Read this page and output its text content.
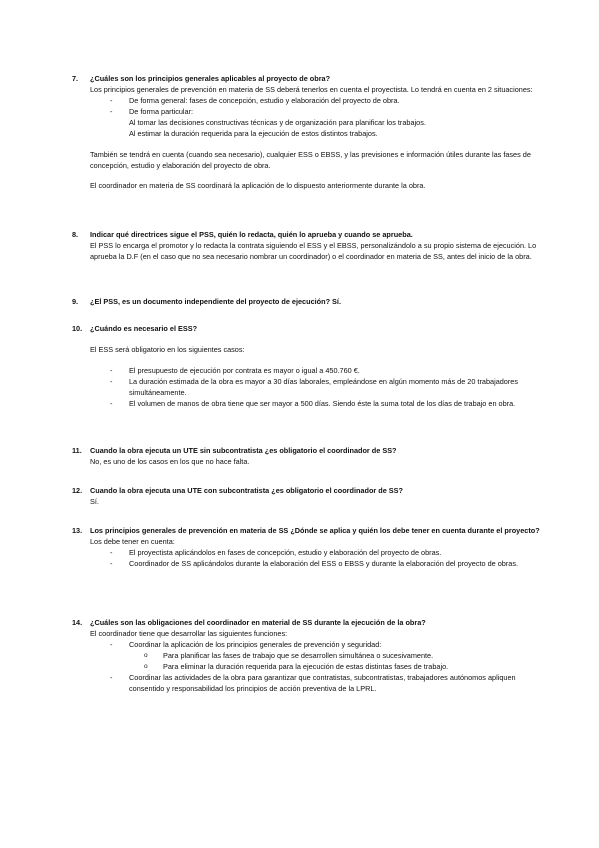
7. ¿Cuáles son los principios generales aplicables al proyecto de obra?
Los principios generales de prevención en materia de SS deberá tenerlos en cuenta el proyectista. Lo tendrá en cuenta en 2 situaciones:
- De forma general: fases de concepción, estudio y elaboración del proyecto de obra.
- De forma particular:
Al tomar las decisiones constructivas técnicas y de organización para planificar los trabajos.
Al estimar la duración requerida para la ejecución de estos distintos trabajos.
También se tendrá en cuenta (cuando sea necesario), cualquier ESS o EBSS, y las previsiones e información útiles durante las fases de concepción, estudio y elaboración del proyecto de obra.
El coordinador en materia de SS coordinará la aplicación de lo dispuesto anteriormente durante la obra.
8. Indicar qué directrices sigue el PSS, quién lo redacta, quién lo aprueba y cuando se aprueba.
El PSS lo encarga el promotor y lo redacta la contrata siguiendo el ESS y el EBSS, personalizándolo a su propio sistema de ejecución. Lo aprueba la D.F (en el caso que no sea necesario nombrar un coordinador) o el coordinador en materia de SS, antes del inicio de la obra.
9. ¿El PSS, es un documento independiente del proyecto de ejecución? Sí.
10. ¿Cuándo es necesario el ESS?
El ESS será obligatorio en los siguientes casos:
- El presupuesto de ejecución por contrata es mayor o igual a 450.760 €.
- La duración estimada de la obra es mayor a 30 días laborales, empleándose en algún momento más de 20 trabajadores simultáneamente.
- El volumen de manos de obra tiene que ser mayor a 500 días. Siendo éste la suma total de los días de trabajo en obra.
11. Cuando la obra ejecuta un UTE sin subcontratista ¿es obligatorio el coordinador de SS?
No, es uno de los casos en los que no hace falta.
12. Cuando la obra ejecuta una UTE con subcontratista ¿es obligatorio el coordinador de SS?
Sí.
13. Los principios generales de prevención en materia de SS ¿Dónde se aplica y quién los debe tener en cuenta durante el proyecto?
Los debe tener en cuenta:
- El proyectista aplicándolos en fases de concepción, estudio y elaboración del proyecto de obras.
- Coordinador de SS aplicándolos durante la elaboración del ESS o EBSS y durante la elaboración del proyecto de obras.
14. ¿Cuáles son las obligaciones del coordinador en material de SS durante la ejecución de la obra?
El coordinador tiene que desarrollar las siguientes funciones:
- Coordinar la aplicación de los principios generales de prevención y seguridad:
o Para planificar las fases de trabajo que se desarrollen simultánea o sucesivamente.
o Para eliminar la duración requerida para la ejecución de estas distintas fases de trabajo.
- Coordinar las actividades de la obra para garantizar que contratistas, subcontratistas, trabajadores autónomos apliquen consentido y responsabilidad los principios de acción preventiva de la LPRL.
